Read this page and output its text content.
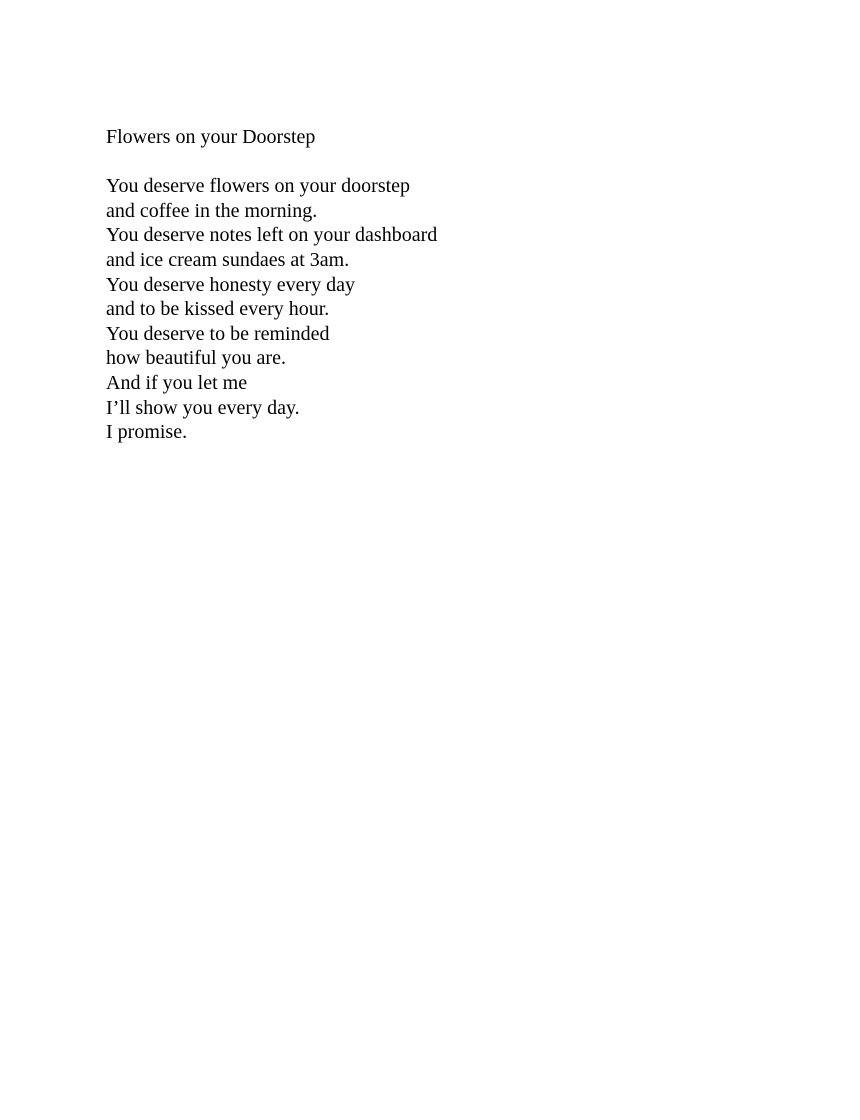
Flowers on your Doorstep
You deserve flowers on your doorstep
and coffee in the morning.
You deserve notes left on your dashboard
and ice cream sundaes at 3am.
You deserve honesty every day
and to be kissed every hour.
You deserve to be reminded
how beautiful you are.
And if you let me
I’ll show you every day.
I promise.
